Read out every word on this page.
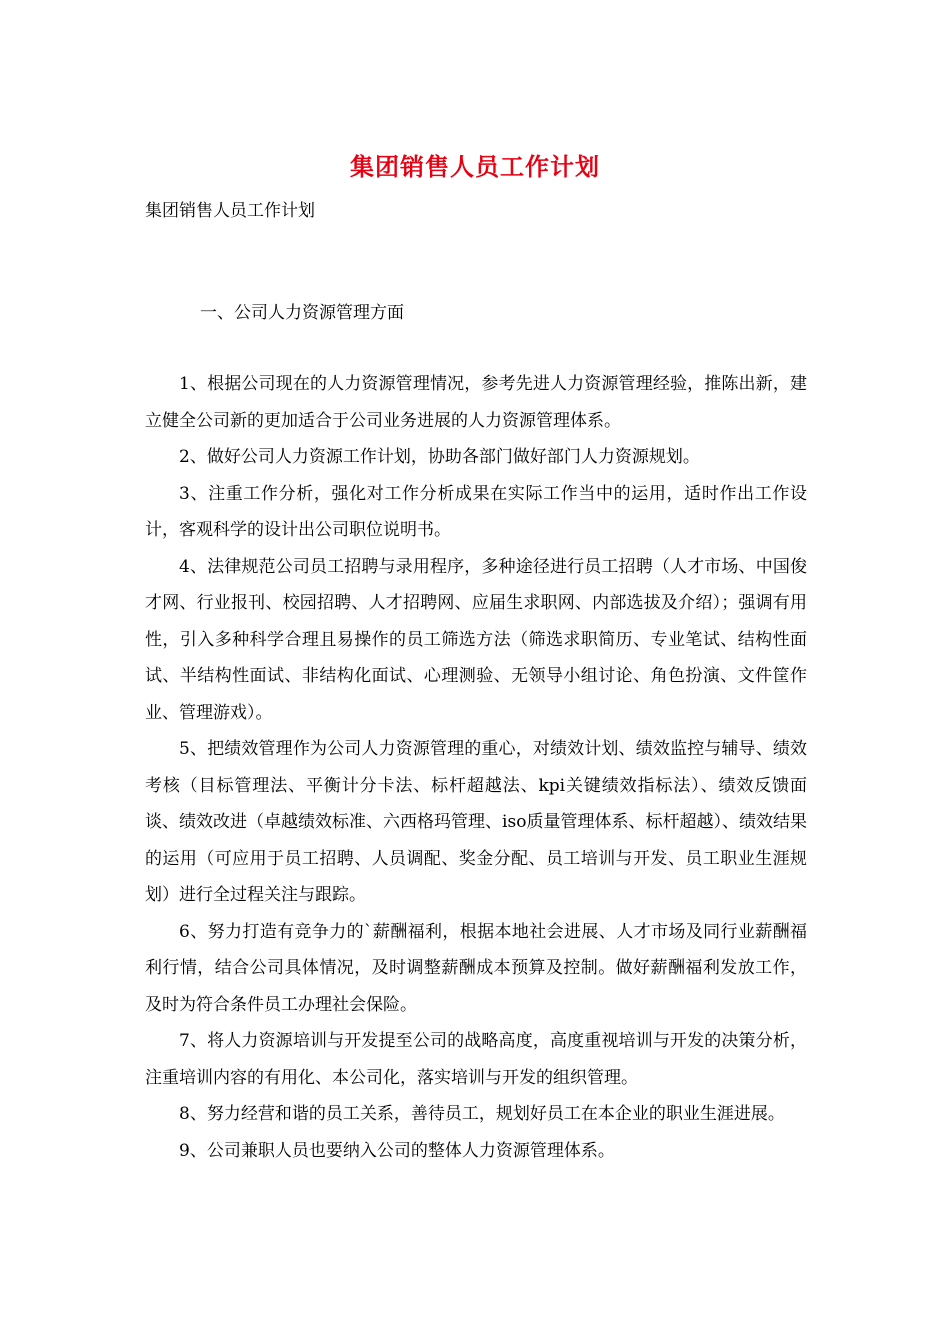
集团销售人员工作计划
集团销售人员工作计划
一、公司人力资源管理方面

1、根据公司现在的人力资源管理情况，参考先进人力资源管理经验，推陈出新，建立健全公司新的更加适合于公司业务进展的人力资源管理体系。

2、做好公司人力资源工作计划，协助各部门做好部门人力资源规划。

3、注重工作分析，强化对工作分析成果在实际工作当中的运用，适时作出工作设计，客观科学的设计出公司职位说明书。

4、法律规范公司员工招聘与录用程序，多种途径进行员工招聘（人才市场、中国俊才网、行业报刊、校园招聘、人才招聘网、应届生求职网、内部选拔及介绍）；强调有用性，引入多种科学合理且易操作的员工筛选方法（筛选求职简历、专业笔试、结构性面试、半结构性面试、非结构化面试、心理测验、无领导小组讨论、角色扮演、文件筐作业、管理游戏）。

5、把绩效管理作为公司人力资源管理的重心，对绩效计划、绩效监控与辅导、绩效考核（目标管理法、平衡计分卡法、标杆超越法、kpi关键绩效指标法）、绩效反馈面谈、绩效改进（卓越绩效标准、六西格玛管理、iso质量管理体系、标杆超越）、绩效结果的运用（可应用于员工招聘、人员调配、奖金分配、员工培训与开发、员工职业生涯规划）进行全过程关注与跟踪。

6、努力打造有竞争力的`薪酬福利，根据本地社会进展、人才市场及同行业薪酬福利行情，结合公司具体情况，及时调整薪酬成本预算及控制。做好薪酬福利发放工作，及时为符合条件员工办理社会保险。

7、将人力资源培训与开发提至公司的战略高度，高度重视培训与开发的决策分析，注重培训内容的有用化、本公司化，落实培训与开发的组织管理。

8、努力经营和谐的员工关系，善待员工，规划好员工在本企业的职业生涯进展。

9、公司兼职人员也要纳入公司的整体人力资源管理体系。
